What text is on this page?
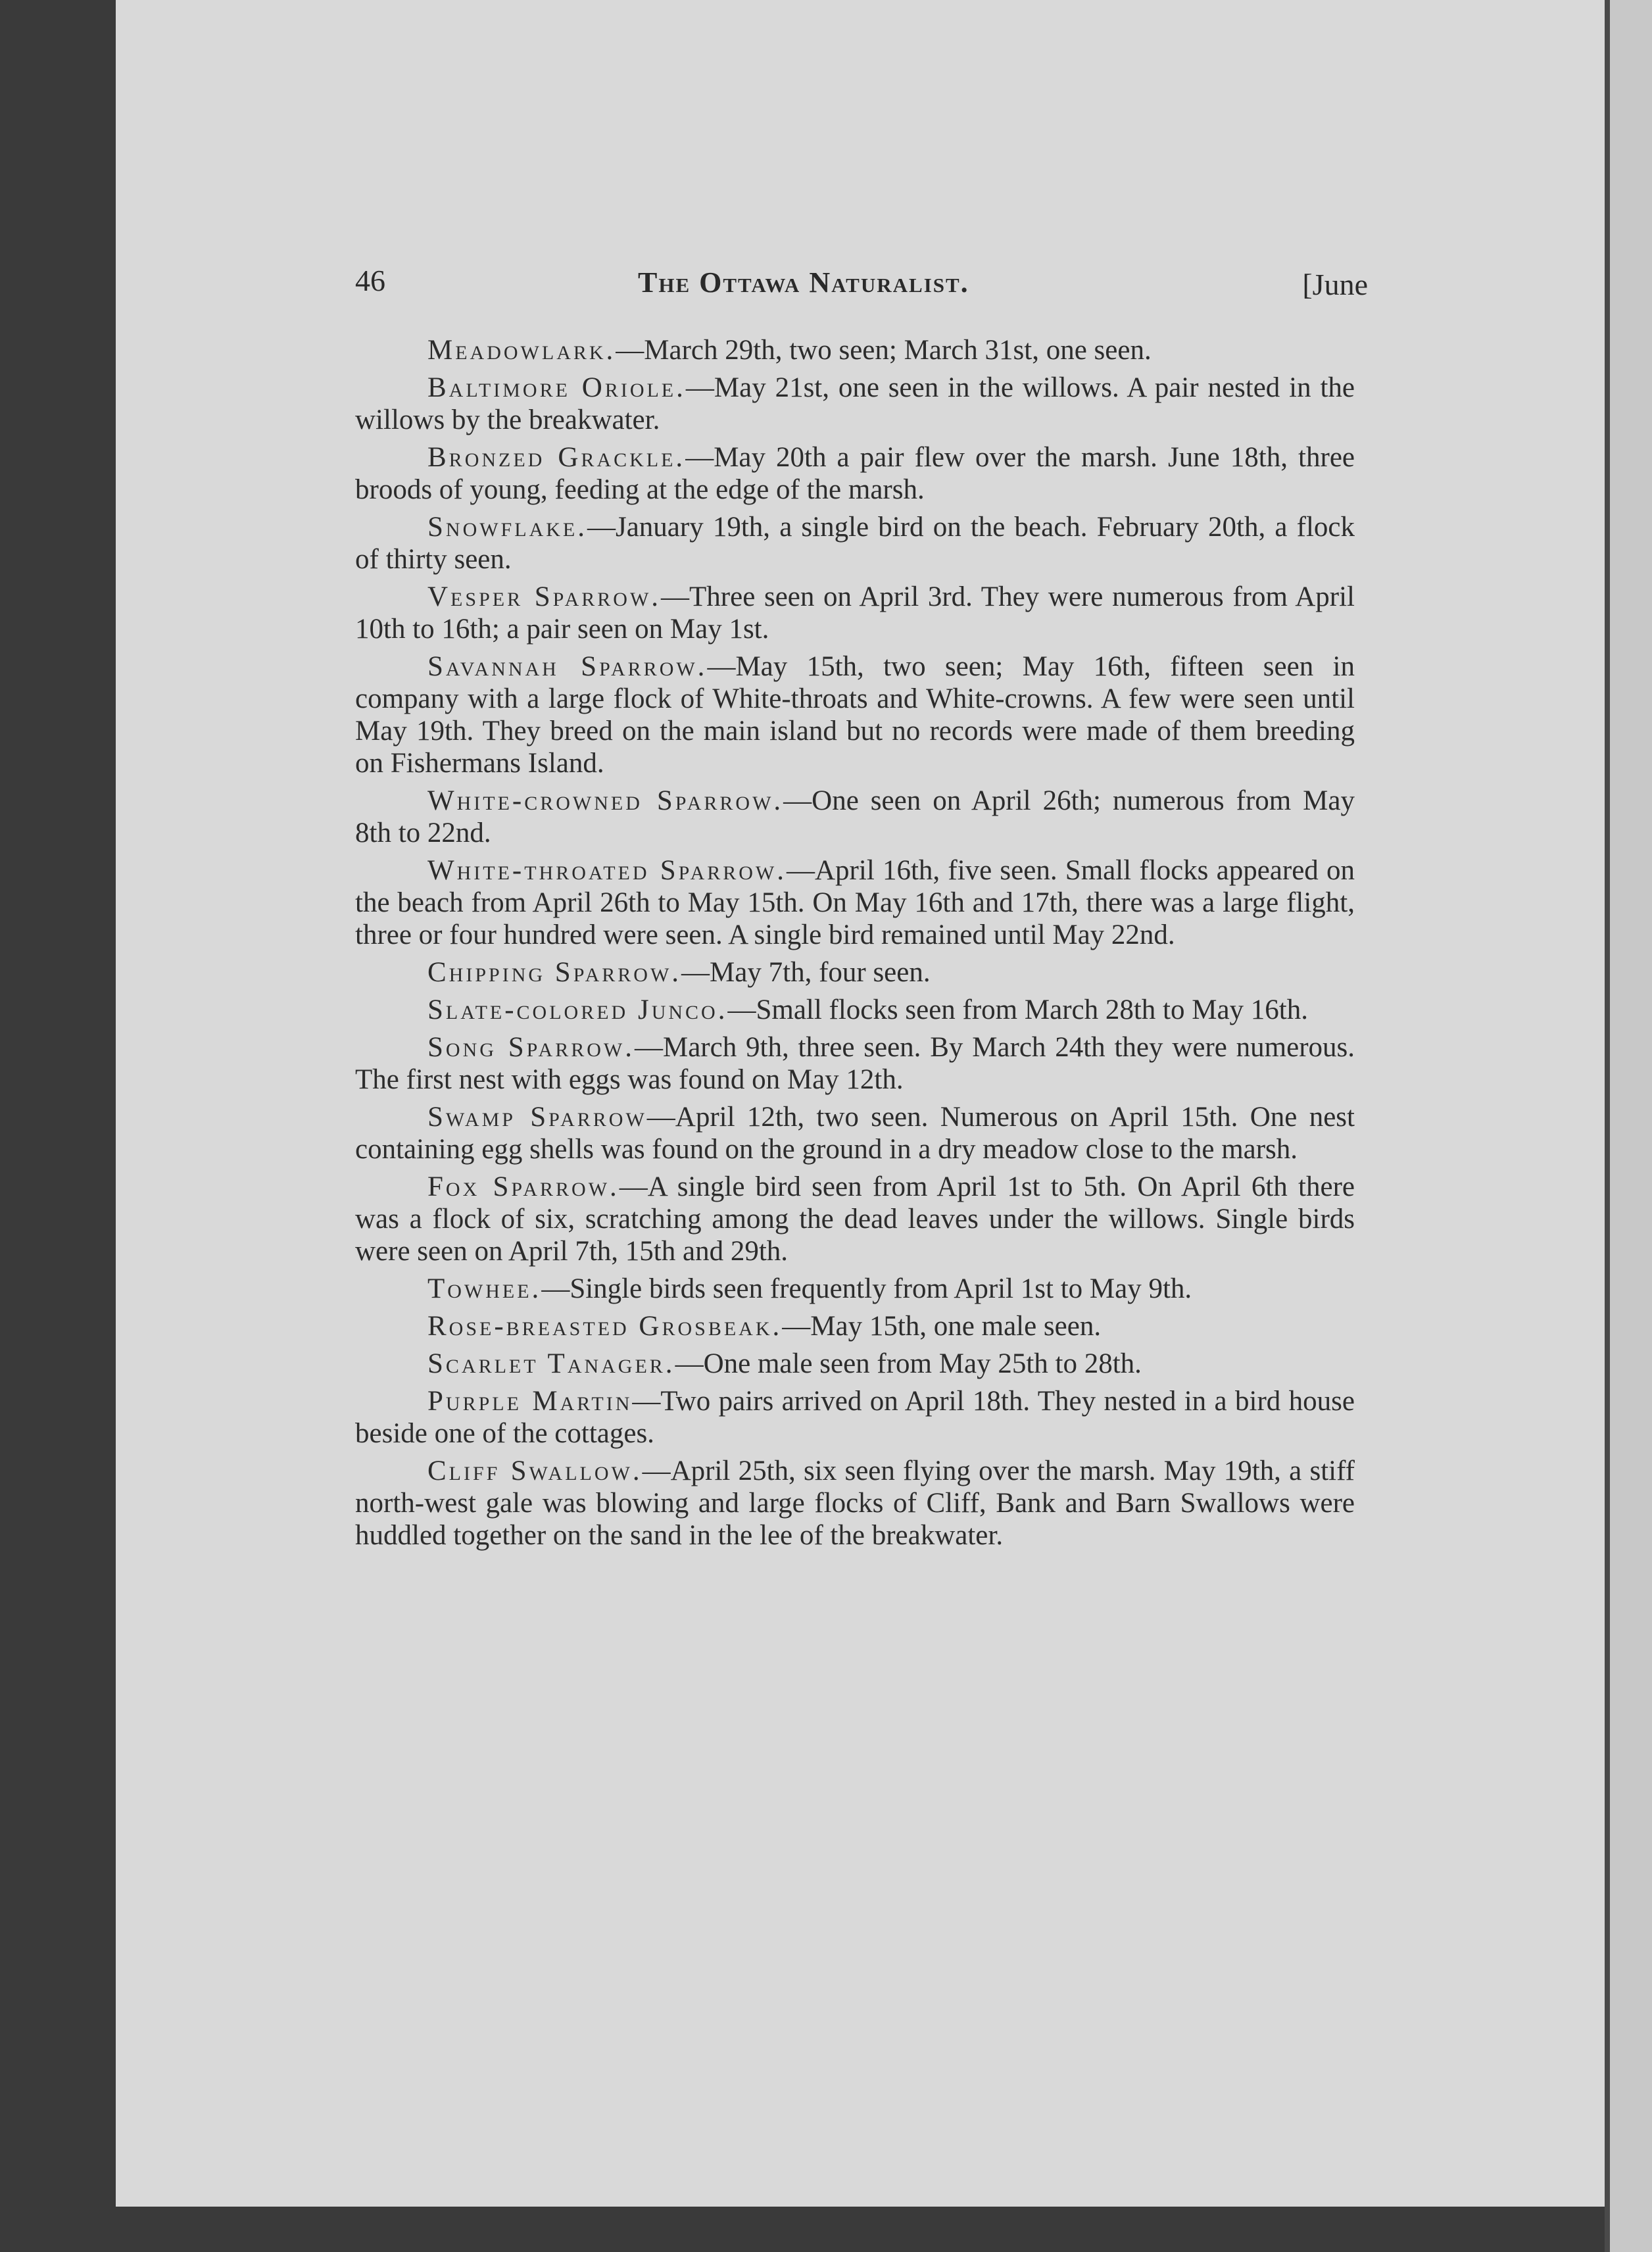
46	The Ottawa Naturalist.	[June

Meadowlark.—March 29th, two seen; March 31st, one seen.

Baltimore Oriole.—May 21st, one seen in the willows. A pair nested in the willows by the breakwater.

Bronzed Grackle.—May 20th a pair flew over the marsh. June 18th, three broods of young, feeding at the edge of the marsh.

Snowflake.—January 19th, a single bird on the beach. February 20th, a flock of thirty seen.

Vesper Sparrow.—Three seen on April 3rd. They were numerous from April 10th to 16th; a pair seen on May 1st.

Savannah Sparrow.—May 15th, two seen; May 16th, fifteen seen in company with a large flock of White-throats and White-crowns. A few were seen until May 19th. They breed on the main island but no records were made of them breeding on Fishermans Island.

White-crowned Sparrow.—One seen on April 26th; numerous from May 8th to 22nd.

White-throated Sparrow.—April 16th, five seen. Small flocks appeared on the beach from April 26th to May 15th. On May 16th and 17th, there was a large flight, three or four hundred were seen. A single bird remained until May 22nd.

Chipping Sparrow.—May 7th, four seen.

Slate-colored Junco.—Small flocks seen from March 28th to May 16th.

Song Sparrow.—March 9th, three seen. By March 24th they were numerous. The first nest with eggs was found on May 12th.

Swamp Sparrow—April 12th, two seen. Numerous on April 15th. One nest containing egg shells was found on the ground in a dry meadow close to the marsh.

Fox Sparrow.—A single bird seen from April 1st to 5th. On April 6th there was a flock of six, scratching among the dead leaves under the willows. Single birds were seen on April 7th, 15th and 29th.

Towhee.—Single birds seen frequently from April 1st to May 9th.

Rose-breasted Grosbeak.—May 15th, one male seen.

Scarlet Tanager.—One male seen from May 25th to 28th.

Purple Martin—Two pairs arrived on April 18th. They nested in a bird house beside one of the cottages.

Cliff Swallow.—April 25th, six seen flying over the marsh. May 19th, a stiff north-west gale was blowing and large flocks of Cliff, Bank and Barn Swallows were huddled together on the sand in the lee of the breakwater.
